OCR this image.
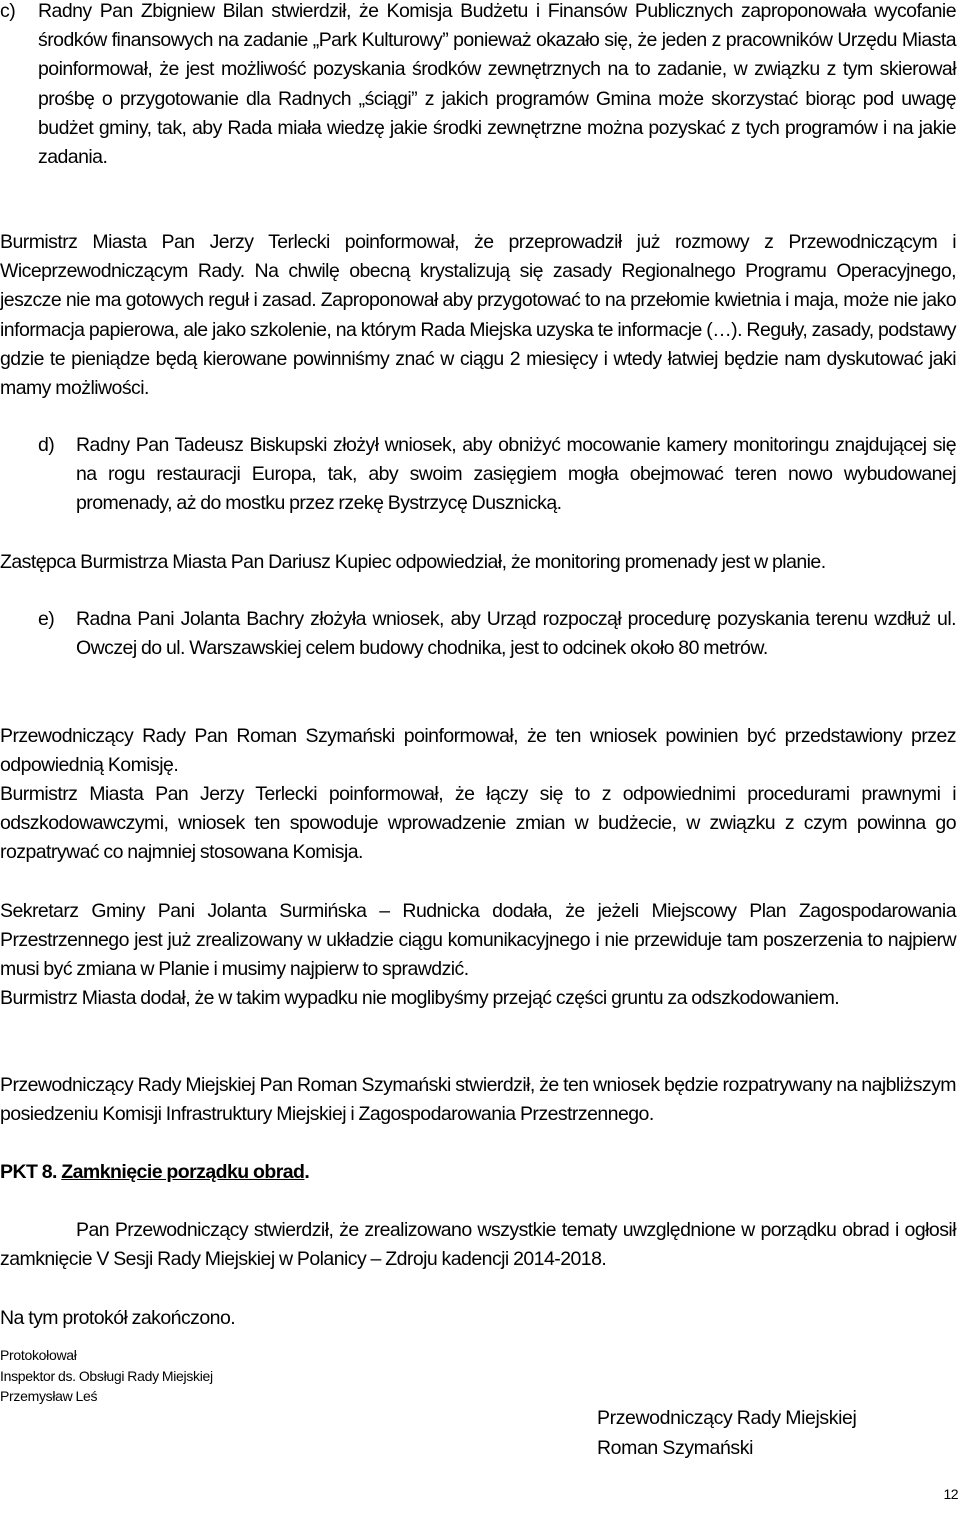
c) Radny Pan Zbigniew Bilan stwierdził, że Komisja Budżetu i Finansów Publicznych zaproponowała wycofanie środków finansowych na zadanie „Park Kulturowy” ponieważ okazało się, że jeden z pracowników Urzędu Miasta poinformował, że jest możliwość pozyskania środków zewnętrznych na to zadanie, w związku z tym skierował prośbę o przygotowanie dla Radnych „ściągi” z jakich programów Gmina może skorzystać biorąc pod uwagę budżet gminy, tak, aby Rada miała wiedzę jakie środki zewnętrzne można pozyskać z tych programów i na jakie zadania.

Burmistrz Miasta Pan Jerzy Terlecki poinformował, że przeprowadził już rozmowy z Przewodniczącym i Wiceprzewodniczącym Rady. Na chwilę obecną krystalizują się zasady Regionalnego Programu Operacyjnego, jeszcze nie ma gotowych reguł i zasad. Zaproponował aby przygotować to na przełomie kwietnia i maja, może nie jako informacja papierowa, ale jako szkolenie, na którym Rada Miejska uzyska te informacje (…). Reguły, zasady, podstawy gdzie te pieniądze będą kierowane powinniśmy znać w ciągu 2 miesięcy i wtedy łatwiej będzie nam dyskutować jaki mamy możliwości.

d) Radny Pan Tadeusz Biskupski złożył wniosek, aby obniżyć mocowanie kamery monitoringu znajdującej się na rogu restauracji Europa, tak, aby swoim zasięgiem mogła obejmować teren nowo wybudowanej promenady, aż do mostku przez rzekę Bystrzycę Dusznicką.

Zastępca Burmistrza Miasta Pan Dariusz Kupiec odpowiedział, że monitoring promenady jest w planie.

e) Radna Pani Jolanta Bachry złożyła wniosek, aby Urząd rozpoczął procedurę pozyskania terenu wzdłuż ul. Owczej do ul. Warszawskiej celem budowy chodnika, jest to odcinek około 80 metrów.

Przewodniczący Rady Pan Roman Szymański poinformował, że ten wniosek powinien być przedstawiony przez odpowiednią Komisję.

Burmistrz Miasta Pan Jerzy Terlecki poinformował, że łączy się to z odpowiednimi procedurami prawnymi i odszkodowawczymi, wniosek ten spowoduje wprowadzenie zmian w budżecie, w związku z czym powinna go rozpatrywać co najmniej stosowana Komisja.

Sekretarz Gminy Pani Jolanta Surmińska – Rudnicka dodała, że jeżeli Miejscowy Plan Zagospodarowania Przestrzennego jest już zrealizowany w układzie ciągu komunikacyjnego i nie przewiduje tam poszerzenia to najpierw musi być zmiana w Planie i musimy najpierw to sprawdzić.

Burmistrz Miasta dodał, że w takim wypadku nie moglibyśmy przejąć części gruntu za odszkodowaniem.

Przewodniczący Rady Miejskiej Pan Roman Szymański stwierdził, że ten wniosek będzie rozpatrywany na najbliższym posiedzeniu Komisji Infrastruktury Miejskiej i Zagospodarowania Przestrzennego.

PKT 8. Zamknięcie porządku obrad.

Pan Przewodniczący stwierdził, że zrealizowano wszystkie tematy uwzględnione w porządku obrad i ogłosił zamknięcie V Sesji Rady Miejskiej w Polanicy – Zdroju kadencji 2014-2018.

Na tym protokół zakończono.

Protokołował
Inspektor ds. Obsługi Rady Miejskiej
Przemysław Leś
Przewodniczący Rady Miejskiej
Roman Szymański
12
